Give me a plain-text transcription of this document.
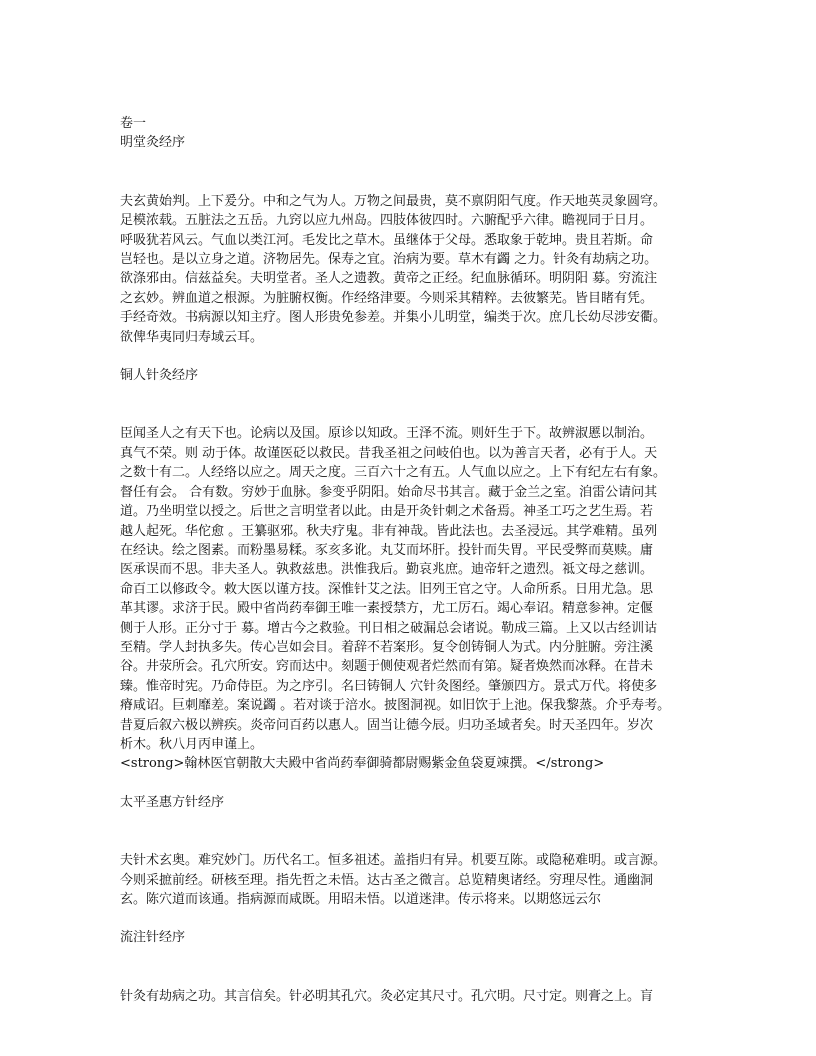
卷一
明堂灸经序
夫玄黄始判。上下爰分。中和之气为人。万物之间最贵，莫不禀阴阳气度。作天地英灵象圆穹。
足模浓载。五脏法之五岳。九窍以应九州岛。四肢体彼四时。六腑配乎六律。瞻视同于日月。
呼吸犹若风云。气血以类江河。毛发比之草木。虽继体于父母。悉取象于乾坤。贵且若斯。命
岂轻也。是以立身之道。济物居先。保寿之宜。治病为要。草木有蠲 之力。针灸有劫病之功。
欲涤邪由。信兹益矣。夫明堂者。圣人之遗教。黄帝之正经。纪血脉循环。明阴阳 募。穷流注
之玄妙。辨血道之根源。为脏腑权衡。作经络津要。今则采其精粹。去彼繁芜。皆目睹有凭。
手经奇效。书病源以知主疗。图人形贵免参差。并集小儿明堂，编类于次。庶几长幼尽涉安衢。
欲俾华夷同归寿域云耳。
铜人针灸经序
臣闻圣人之有天下也。论病以及国。原诊以知政。王泽不流。则奸生于下。故辨淑慝以制治。
真气不荣。则 动于体。故谨医砭以救民。昔我圣祖之问岐伯也。以为善言天者，必有于人。天
之数十有二。人经络以应之。周天之度。三百六十之有五。人气血以应之。上下有纪左右有象。
督任有会。 合有数。穷妙于血脉。参变乎阴阳。始命尽书其言。藏于金兰之室。洎雷公请问其
道。乃坐明堂以授之。后世之言明堂者以此。由是开灸针刺之术备焉。神圣工巧之艺生焉。若
越人起死。华佗愈 。王纂驱邪。秋夫疗鬼。非有神哉。皆此法也。去圣浸远。其学难精。虽列
在经诀。绘之图素。而粉墨易糅。豕亥多讹。丸艾而坏肝。投针而失胃。平民受弊而莫赎。庸
医承误而不思。非夫圣人。孰救兹患。洪惟我后。勤哀兆庶。迪帝轩之遗烈。祗文母之慈训。
命百工以修政令。敕大医以谨方技。深惟针艾之法。旧列王官之守。人命所系。日用尤急。思
革其谬。求济于民。殿中省尚药奉御王唯一素授禁方，尤工厉石。竭心奉诏。精意参神。定偃
侧于人形。正分寸于 募。增古今之救验。刊日相之破漏总会诸说。勒成三篇。上又以古经训诂
至精。学人封执多失。传心岂如会目。着辞不若案形。复令创铸铜人为式。内分脏腑。旁注溪
谷。井荥所会。孔穴所安。窍而达中。刻题于侧使观者烂然而有第。疑者焕然而冰释。在昔未
臻。惟帝时宪。乃命侍臣。为之序引。名曰铸铜人 穴针灸图经。肇颁四方。景式万代。将使多
瘠咸诏。巨刺靡差。案说蠲 。若对谈于涪水。披图洞视。如旧饮于上池。保我黎蒸。介乎寿考。
昔夏后叙六极以辨疾。炎帝问百药以惠人。固当让德今辰。归功圣域者矣。时天圣四年。岁次
析木。秋八月丙申谨上。
<strong>翰林医官朝散大夫殿中省尚药奉御骑都尉赐紫金鱼袋夏竦撰。</strong>
太平圣惠方针经序
夫针术玄奥。难究妙门。历代名工。恒多祖述。盖指归有异。机要互陈。或隐秘难明。或言源。
今则采摭前经。研核至理。指先哲之未悟。达古圣之微言。总览精奥诸经。穷理尽性。通幽洞
玄。陈穴道而该通。指病源而咸既。用昭未悟。以道迷津。传示将来。以期悠远云尔
流注针经序
针灸有劫病之功。其言信矣。针必明其孔穴。灸必定其尺寸。孔穴明。尺寸定。则膏之上。肓
